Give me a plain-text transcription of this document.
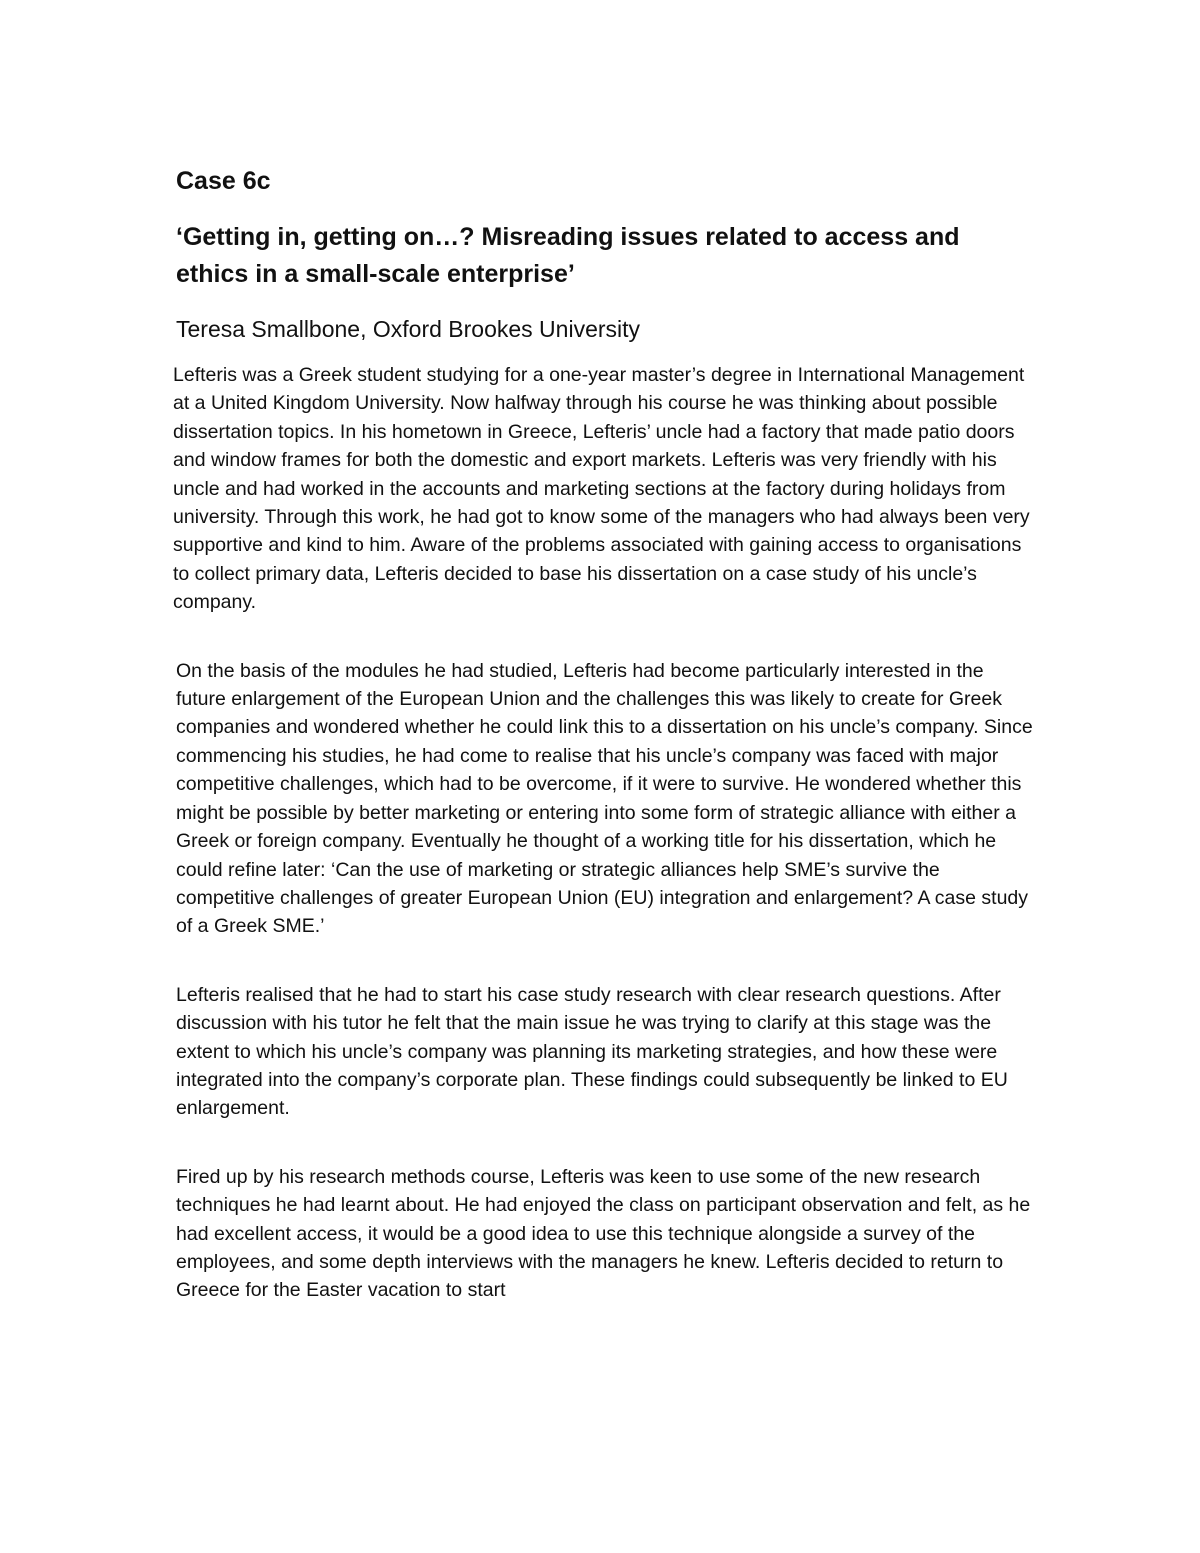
Case 6c
‘Getting in, getting on…? Misreading issues related to access and ethics in a small-scale enterprise’

Teresa Smallbone, Oxford Brookes University

Lefteris was a Greek student studying for a one-year master’s degree in International Management at a United Kingdom University. Now halfway through his course he was thinking about possible dissertation topics. In his hometown in Greece, Lefteris’ uncle had a factory that made patio doors and window frames for both the domestic and export markets. Lefteris was very friendly with his uncle and had worked in the accounts and marketing sections at the factory during holidays from university. Through this work, he had got to know some of the managers who had always been very supportive and kind to him. Aware of the problems associated with gaining access to organisations to collect primary data, Lefteris decided to base his dissertation on a case study of his uncle’s company.

On the basis of the modules he had studied, Lefteris had become particularly interested in the future enlargement of the European Union and the challenges this was likely to create for Greek companies and wondered whether he could link this to a dissertation on his uncle’s company. Since commencing his studies, he had come to realise that his uncle’s company was faced with major competitive challenges, which had to be overcome, if it were to survive. He wondered whether this might be possible by better marketing or entering into some form of strategic alliance with either a Greek or foreign company. Eventually he thought of a working title for his dissertation, which he could refine later: ‘Can the use of marketing or strategic alliances help SME’s survive the competitive challenges of greater European Union (EU) integration and enlargement? A case study of a Greek SME.’

Lefteris realised that he had to start his case study research with clear research questions. After discussion with his tutor he felt that the main issue he was trying to clarify at this stage was the extent to which his uncle’s company was planning its marketing strategies, and how these were integrated into the company’s corporate plan. These findings could subsequently be linked to EU enlargement.

Fired up by his research methods course, Lefteris was keen to use some of the new research techniques he had learnt about. He had enjoyed the class on participant observation and felt, as he had excellent access, it would be a good idea to use this technique alongside a survey of the employees, and some depth interviews with the managers he knew. Lefteris decided to return to Greece for the Easter vacation to start
